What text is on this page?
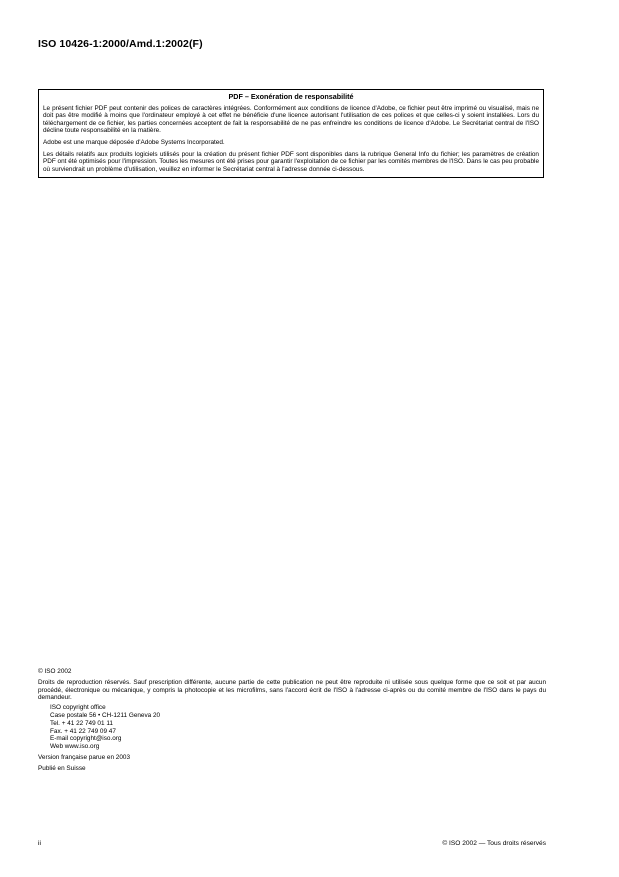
ISO 10426-1:2000/Amd.1:2002(F)
PDF – Exonération de responsabilité

Le présent fichier PDF peut contenir des polices de caractères intégrées. Conformément aux conditions de licence d'Adobe, ce fichier peut être imprimé ou visualisé, mais ne doit pas être modifié à moins que l'ordinateur employé à cet effet ne bénéficie d'une licence autorisant l'utilisation de ces polices et que celles-ci y soient installées. Lors du téléchargement de ce fichier, les parties concernées acceptent de fait la responsabilité de ne pas enfreindre les conditions de licence d'Adobe. Le Secrétariat central de l'ISO décline toute responsabilité en la matière.

Adobe est une marque déposée d'Adobe Systems Incorporated.

Les détails relatifs aux produits logiciels utilisés pour la création du présent fichier PDF sont disponibles dans la rubrique General Info du fichier; les paramètres de création PDF ont été optimisés pour l'impression. Toutes les mesures ont été prises pour garantir l'exploitation de ce fichier par les comités membres de l'ISO. Dans le cas peu probable où surviendrait un problème d'utilisation, veuillez en informer le Secrétariat central à l'adresse donnée ci-dessous.

© ISO 2002
Droits de reproduction réservés. Sauf prescription différente, aucune partie de cette publication ne peut être reproduite ni utilisée sous quelque forme que ce soit et par aucun procédé, électronique ou mécanique, y compris la photocopie et les microfilms, sans l'accord écrit de l'ISO à l'adresse ci-après ou du comité membre de l'ISO dans le pays du demandeur.
ISO copyright office
Case postale 56 • CH-1211 Geneva 20
Tel. + 41 22 749 01 11
Fax. + 41 22 749 09 47
E-mail copyright@iso.org
Web www.iso.org
Version française parue en 2003
Publié en Suisse
ii	© ISO 2002 — Tous droits réservés
